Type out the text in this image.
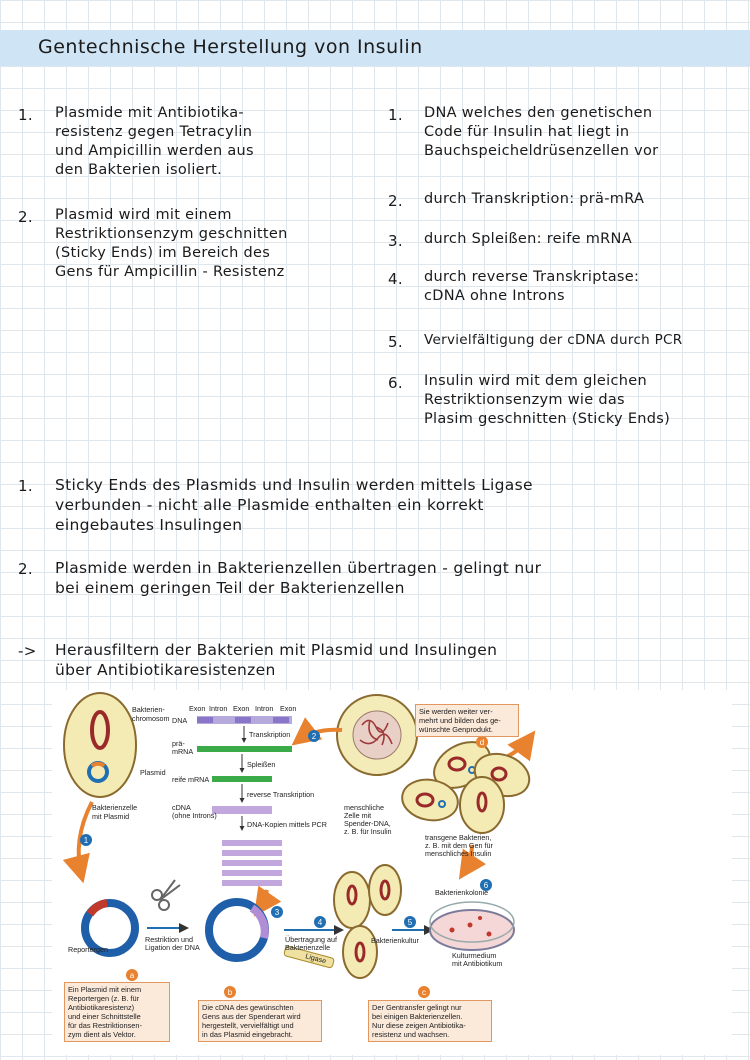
Gentechnische Herstellung von Insulin
1. Plasmide mit Antibiotika-
resistenz gegen Tetracylin
und Ampicillin werden aus
den Bakterien isoliert.
2. Plasmid wird mit einem
Restriktionsenzym geschnitten
(Sticky Ends) im Bereich des
Gens für Ampicillin - Resistenz
1. DNA welches den genetischen
Code für Insulin hat liegt in
Bauchspeicheldrüsenzellen vor
2. durch Transkription: prä-mRA
3. durch Spleißen: reife mRNA
4. durch reverse Transkriptase:
cDNA ohne Introns
5. Vervielfältigung der cDNA durch PCR
6. Insulin wird mit dem gleichen
Restriktionsenzym wie das
Plasim geschnitten (Sticky Ends)
1. Sticky Ends des Plasmids und Insulin werden mittels Ligase
verbunden - nicht alle Plasmide enthalten ein korrekt
eingebautes Insulingen
2. Plasmide werden in Bakterienzellen übertragen - gelingt nur
bei einem geringen Teil der Bakterienzellen
-> Herausfiltern der Bakterien mit Plasmid und Insulingen
über Antibiotikaresistenzen
1
2
3
4	5
6
a
b	c
d
Bakterien-
chromosom
Exon Intron Exon Intron Exon
DNA
prä-
mRNA
Transkription
Spleißen
Plasmid
reife mRNA
reverse Transkription
Bakterienzelle
mit Plasmid
cDNA
(ohne Introns)
DNA-Kopien mittels PCR
menschliche
Zelle mit
Spender-DNA,
z. B. für Insulin
transgene Bakterien,
z. B. mit dem Gen für
menschliches Insulin
Bakterienkolonie
Reportergen
Restriktion und
Ligation der DNA
Übertragung auf
Bakterienzelle
Bakterienkultur
Ligase	Kulturmedium
mit Antibiotikum
Ein Plasmid mit einem
Reportergen (z. B. für
Antibiotikaresistenz)
und einer Schnittstelle
für das Restriktionsen-
zym dient als Vektor.
Die cDNA des gewünschten
Gens aus der Spenderart wird
hergestellt, vervielfältigt und
in das Plasmid eingebracht.
Der Gentransfer gelingt nur
bei einigen Bakterienzellen.
Nur diese zeigen Antibiotika-
resistenz und wachsen.
Sie werden weiter ver-
mehrt und bilden das ge-
wünschte Genprodukt.
